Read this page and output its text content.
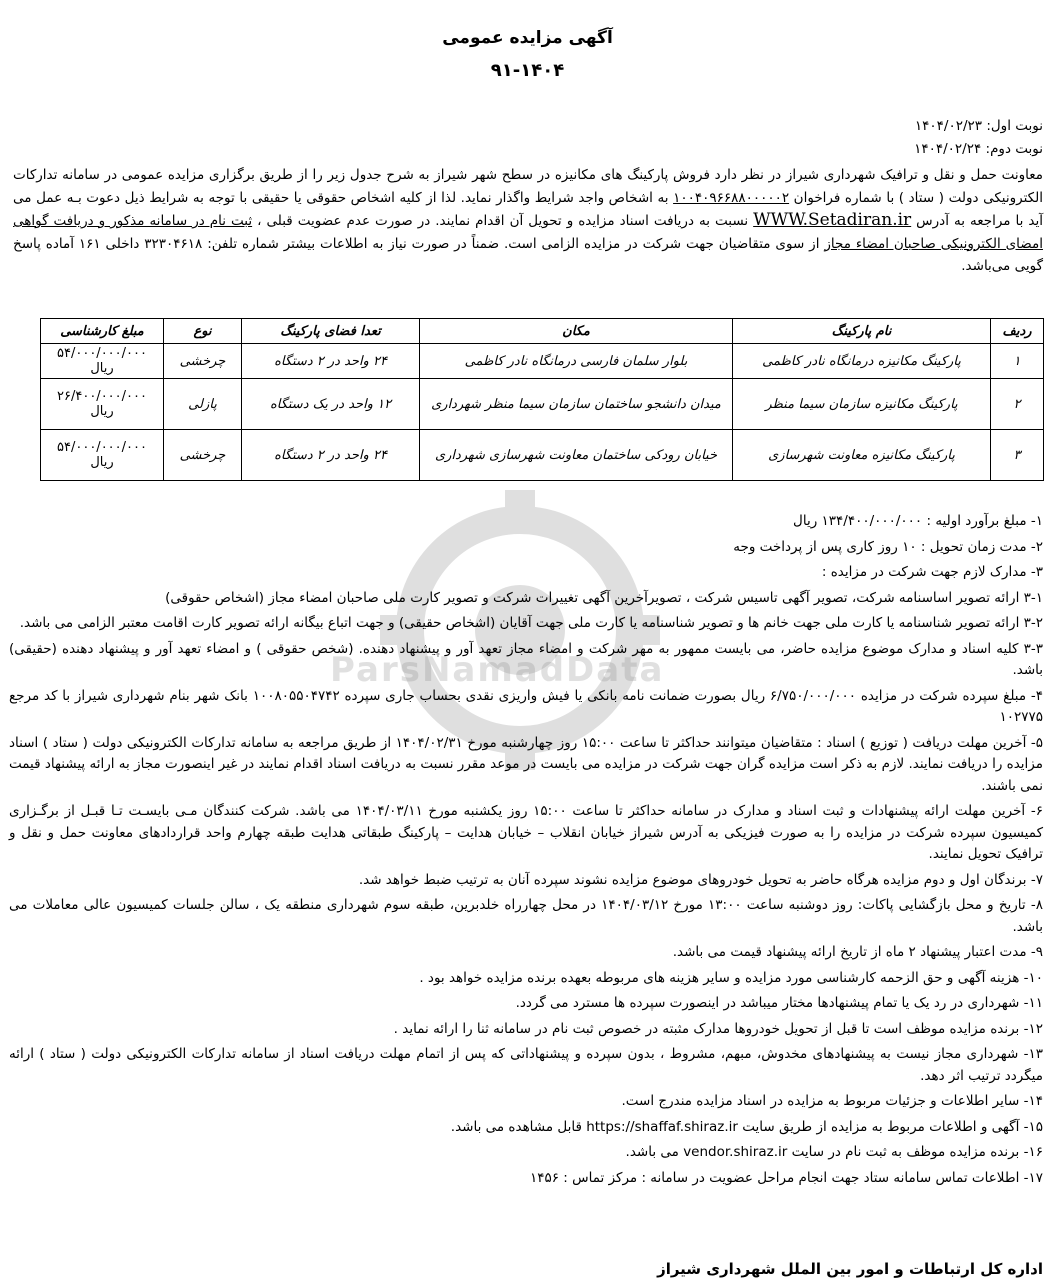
آگهی مزایده عمومی
۹۱-۱۴۰۴
نوبت اول: ۱۴۰۴/۰۲/۲۳
نوبت دوم: ۱۴۰۴/۰۲/۲۴
معاونت حمل و نقل و ترافیک شهرداری شیراز در نظر دارد فروش پارکینگ های مکانیزه در سطح شهر شیراز به شرح جدول زیر را از طریق برگزاری مزایده عمومی در سامانه تدارکات الکترونیکی دولت ( ستاد ) با شماره فراخوان ۱۰۰۴۰۹۶۶۸۸۰۰۰۰۰۲ به اشخاص واجد شرایط واگذار نماید. لذا از کلیه اشخاص حقوقی یا حقیقی با توجه به شرایط ذیل دعوت بـه عمل می آید با مراجعه به آدرس WWW.Setadiran.ir نسبت به دریافت اسناد مزایده و تحویل آن اقدام نمایند. در صورت عدم عضویت قبلی ، ثبت نام در سامانه مذکور و دریافت گواهی امضای الکترونیکی صاحبان امضاء مجاز از سوی متقاضیان جهت شرکت در مزایده الزامی است. ضمناً در صورت نیاز به اطلاعات بیشتر شماره تلفن: ۳۲۳۰۴۶۱۸ داخلی ۱۶۱ آماده پاسخ گویی می‌باشد.
ردیف	نام پارکینگ	مکان	تعدا فضای پارکینگ	نوع	مبلغ کارشناسی
۱	پارکینگ مکانیزه درمانگاه نادر کاظمی	بلوار سلمان فارسی درمانگاه نادر کاظمی	۲۴ واحد در ۲ دستگاه	چرخشی	۵۴/۰۰۰/۰۰۰/۰۰۰ ریال
۲	پارکینگ مکانیزه سازمان سیما منظر	میدان دانشجو ساختمان سازمان سیما منظر شهرداری	۱۲ واحد در یک دستگاه	پازلی	۲۶/۴۰۰/۰۰۰/۰۰۰ ریال
۳	پارکینگ مکانیزه معاونت شهرسازی	خیابان رودکی ساختمان معاونت شهرسازی شهرداری	۲۴ واحد در ۲ دستگاه	چرخشی	۵۴/۰۰۰/۰۰۰/۰۰۰ ریال
ParsNamadData
۱- مبلغ برآورد اولیه : ۱۳۴/۴۰۰/۰۰۰/۰۰۰ ریال
۲- مدت زمان تحویل : ۱۰ روز کاری پس از پرداخت وجه
۳- مدارک لازم جهت شرکت در مزایده :
۳-۱ ارائه تصویر اساسنامه شرکت، تصویر آگهی تاسیس شرکت ، تصویرآخرین آگهی تغییرات شرکت و تصویر کارت ملی صاحبان امضاء مجاز (اشخاص حقوقی)
۳-۲ ارائه تصویر شناسنامه یا کارت ملی جهت خانم ها و تصویر شناسنامه یا کارت ملی جهت آقایان (اشخاص حقیقی) و جهت اتباع بیگانه ارائه تصویر کارت اقامت معتبر الزامی می باشد.
۳-۳ کلیه اسناد و مدارک موضوع مزایده حاضر، می بایست ممهور به مهر شرکت و امضاء مجاز تعهد آور و پیشنهاد دهنده. (شخص حقوقی ) و امضاء تعهد آور و پیشنهاد دهنده (حقیقی) باشد.
۴- مبلغ سپرده شرکت در مزایده ۶/۷۵۰/۰۰۰/۰۰۰ ریال بصورت ضمانت نامه بانکی یا فیش واریزی نقدی بحساب جاری سپرده ۱۰۰۸۰۵۵۰۴۷۴۲ بانک شهر بنام شهرداری شیراز با کد مرجع ۱۰۲۷۷۵
۵- آخرین مهلت دریافت ( توزیع ) اسناد : متقاضیان میتوانند حداکثر تا ساعت ۱۵:۰۰ روز چهارشنبه مورخ ۱۴۰۴/۰۲/۳۱ از طریق مراجعه به سامانه تدارکات الکترونیکی دولت ( ستاد ) اسناد مزایده را دریافت نمایند. لازم به ذکر است مزایده گران جهت شرکت در مزایده می بایست در موعد مقرر نسبت به دریافت اسناد اقدام نمایند در غیر اینصورت مجاز به ارائه پیشنهاد قیمت نمی باشند.
۶- آخرین مهلت ارائه پیشنهادات و ثبت اسناد و مدارک در سامانه حداکثر تا ساعت ۱۵:۰۰ روز یکشنبه مورخ ۱۴۰۴/۰۳/۱۱ می باشد. شرکت کنندگان مـی بایسـت تـا قبـل از برگـزاری کمیسیون سپرده شرکت در مزایده را به صورت فیزیکی به آدرس شیراز خیابان انقلاب – خیابان هدایت – پارکینگ طبقاتی هدایت طبقه چهارم واحد قراردادهای معاونت حمل و نقل و ترافیک تحویل نمایند.
۷- برندگان اول و دوم مزایده هرگاه حاضر به تحویل خودروهای موضوع مزایده نشوند سپرده آنان به ترتیب ضبط خواهد شد.
۸- تاریخ و محل بازگشایی پاکات: روز دوشنبه ساعت ۱۳:۰۰ مورخ ۱۴۰۴/۰۳/۱۲ در محل چهارراه خلدبرین، طبقه سوم شهرداری منطقه یک ، سالن جلسات کمیسیون عالی معاملات می باشد.
۹- مدت اعتبار پیشنهاد ۲ ماه از تاریخ ارائه پیشنهاد قیمت می باشد.
۱۰- هزینه آگهی و حق الزحمه کارشناسی مورد مزایده و سایر هزینه های مربوطه بعهده برنده مزایده خواهد بود .
۱۱- شهرداری در رد یک یا تمام پیشنهادها مختار میباشد در اینصورت سپرده ها مسترد می گردد.
۱۲- برنده مزایده موظف است تا قبل از تحویل خودروها مدارک مثبته در خصوص ثبت نام در سامانه ثنا را ارائه نماید .
۱۳- شهرداری مجاز نیست به پیشنهادهای مخدوش، مبهم، مشروط ، بدون سپرده و پیشنهاداتی که پس از اتمام مهلت دریافت اسناد از سامانه تدارکات الکترونیکی دولت ( ستاد ) ارائه میگردد ترتیب اثر دهد.
۱۴- سایر اطلاعات و جزئیات مربوط به مزایده در اسناد مزایده مندرج است.
۱۵- آگهی و اطلاعات مربوط به مزایده از طریق سایت https://shaffaf.shiraz.ir قابل مشاهده می باشد.
۱۶- برنده مزایده موظف به ثبت نام در سایت vendor.shiraz.ir می باشد.
۱۷- اطلاعات تماس سامانه ستاد جهت انجام مراحل عضویت در سامانه : مرکز تماس : ۱۴۵۶
اداره کل ارتباطات و امور بین الملل شهرداری شیراز
